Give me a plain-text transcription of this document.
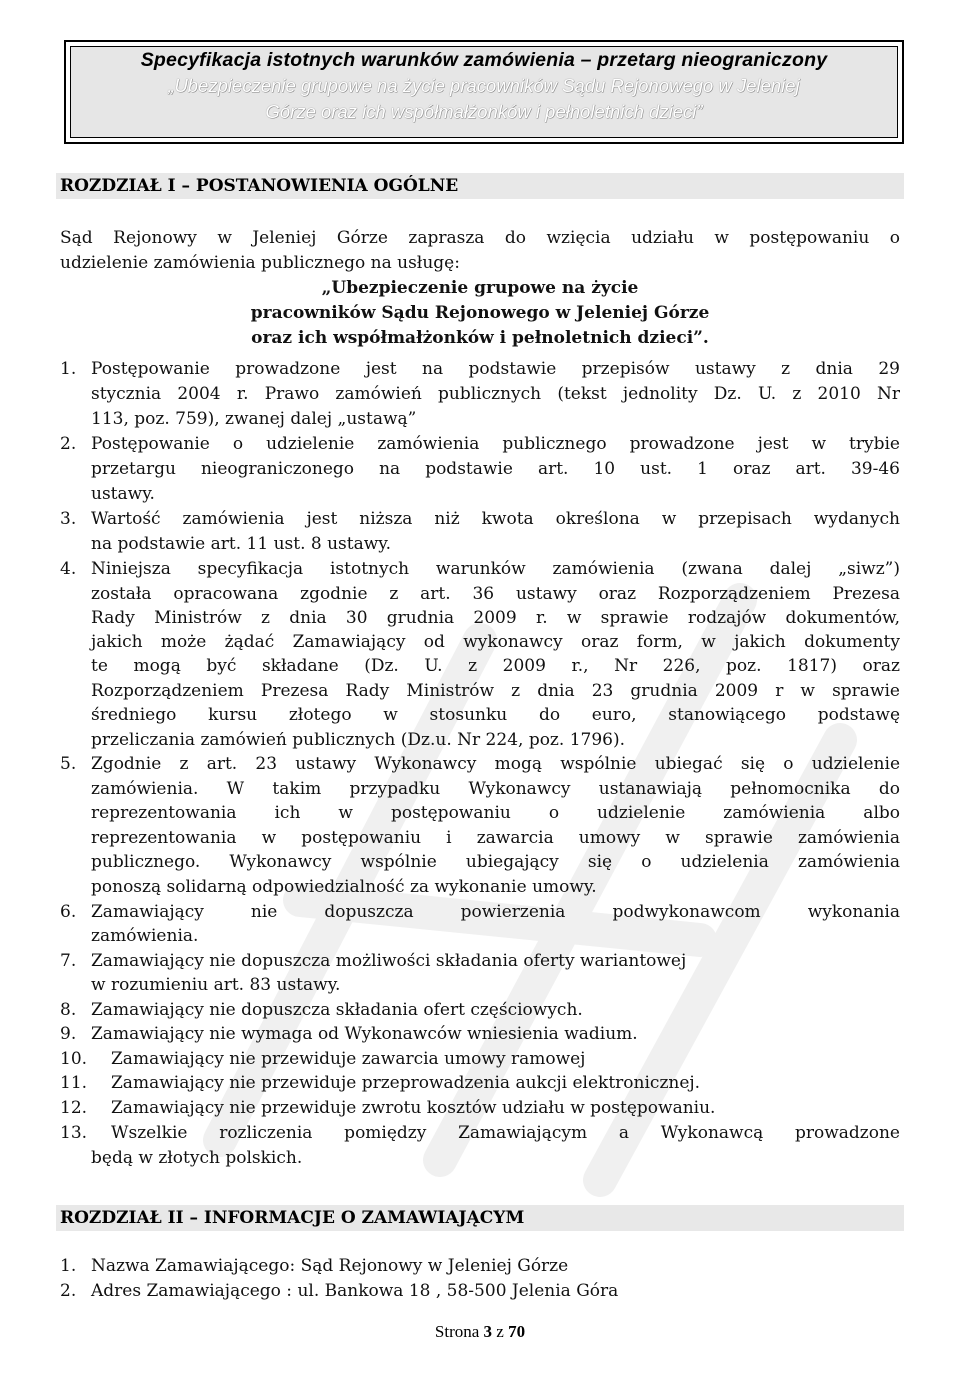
Specyfikacja istotnych warunków zamówienia – przetarg nieograniczony
„Ubezpieczenie grupowe na życie pracowników Sądu Rejonowego w Jeleniej
Górze oraz ich współmałżonków i pełnoletnich dzieci”
ROZDZIAŁ I – POSTANOWIENIA OGÓLNE
Sąd Rejonowy w Jeleniej Górze zaprasza do wzięcia udziału w postępowaniu o
udzielenie zamówienia publicznego na usługę:
„Ubezpieczenie grupowe na życie
pracowników Sądu Rejonowego w Jeleniej Górze
oraz ich współmałżonków i pełnoletnich dzieci”.
1. Postępowanie prowadzone jest na podstawie przepisów ustawy z dnia 29
stycznia 2004 r. Prawo zamówień publicznych (tekst jednolity Dz. U. z 2010 Nr
113, poz. 759), zwanej dalej „ustawą”
2. Postępowanie o udzielenie zamówienia publicznego prowadzone jest w trybie
przetargu nieograniczonego na podstawie art. 10 ust. 1 oraz art. 39-46
ustawy.
3. Wartość zamówienia jest niższa niż kwota określona w przepisach wydanych
na podstawie art. 11 ust. 8 ustawy.
4. Niniejsza specyfikacja istotnych warunków zamówienia (zwana dalej „siwz”)
została opracowana zgodnie z art. 36 ustawy oraz Rozporządzeniem Prezesa
Rady Ministrów z dnia 30 grudnia 2009 r. w sprawie rodzajów dokumentów,
jakich może żądać Zamawiający od wykonawcy oraz form, w jakich dokumenty
te mogą być składane (Dz. U. z 2009 r., Nr 226, poz. 1817) oraz
Rozporządzeniem Prezesa Rady Ministrów z dnia 23 grudnia 2009 r w sprawie
średniego kursu złotego w stosunku do euro, stanowiącego podstawę
przeliczania zamówień publicznych (Dz.u. Nr 224, poz. 1796).
5. Zgodnie z art. 23 ustawy Wykonawcy mogą wspólnie ubiegać się o udzielenie
zamówienia. W takim przypadku Wykonawcy ustanawiają pełnomocnika do
reprezentowania ich w postępowaniu o udzielenie zamówienia albo
reprezentowania w postępowaniu i zawarcia umowy w sprawie zamówienia
publicznego. Wykonawcy wspólnie ubiegający się o udzielenia zamówienia
ponoszą solidarną odpowiedzialność za wykonanie umowy.
6. Zamawiający nie dopuszcza powierzenia podwykonawcom wykonania
zamówienia.
7. Zamawiający nie dopuszcza możliwości składania oferty wariantowej
w rozumieniu art. 83 ustawy.
8. Zamawiający nie dopuszcza składania ofert częściowych.
9. Zamawiający nie wymaga od Wykonawców wniesienia wadium.
10. Zamawiający nie przewiduje zawarcia umowy ramowej
11. Zamawiający nie przewiduje przeprowadzenia aukcji elektronicznej.
12. Zamawiający nie przewiduje zwrotu kosztów udziału w postępowaniu.
13. Wszelkie rozliczenia pomiędzy Zamawiającym a Wykonawcą prowadzone
będą w złotych polskich.
ROZDZIAŁ II – INFORMACJE O ZAMAWIAJĄCYM
1. Nazwa Zamawiającego: Sąd Rejonowy w Jeleniej Górze
2. Adres Zamawiającego : ul. Bankowa 18 , 58-500 Jelenia Góra
Strona 3 z 70
